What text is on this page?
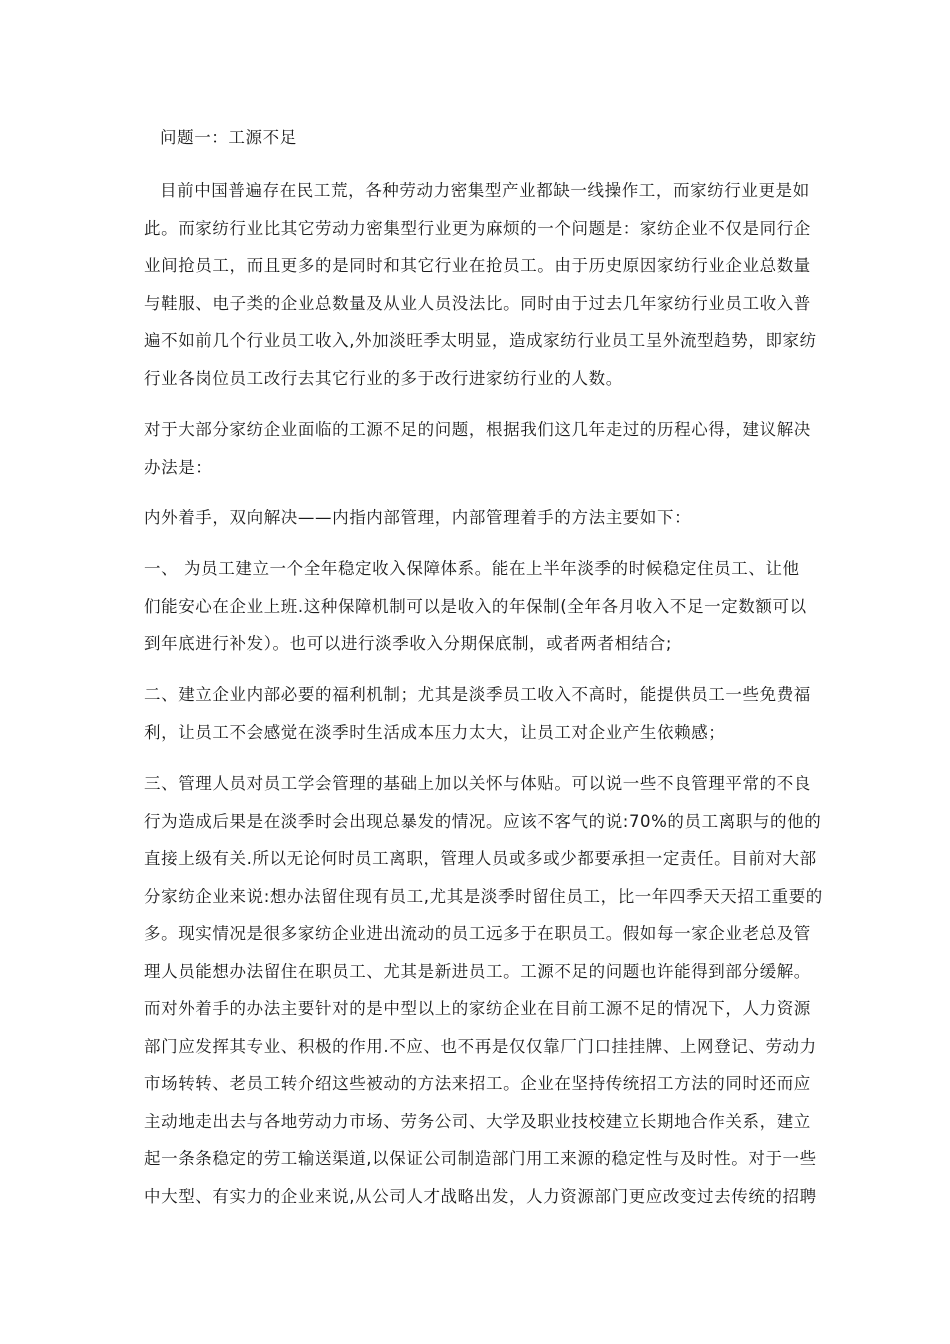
问题一：工源不足

目前中国普遍存在民工荒，各种劳动力密集型产业都缺一线操作工，而家纺行业更是如
此。而家纺行业比其它劳动力密集型行业更为麻烦的一个问题是：家纺企业不仅是同行企
业间抢员工，而且更多的是同时和其它行业在抢员工。由于历史原因家纺行业企业总数量
与鞋服、电子类的企业总数量及从业人员没法比。同时由于过去几年家纺行业员工收入普
遍不如前几个行业员工收入,外加淡旺季太明显，造成家纺行业员工呈外流型趋势，即家纺
行业各岗位员工改行去其它行业的多于改行进家纺行业的人数。

对于大部分家纺企业面临的工源不足的问题，根据我们这几年走过的历程心得，建议解决
办法是：

内外着手，双向解决——内指内部管理，内部管理着手的方法主要如下：

一、 为员工建立一个全年稳定收入保障体系。能在上半年淡季的时候稳定住员工、让他
们能安心在企业上班.这种保障机制可以是收入的年保制(全年各月收入不足一定数额可以
到年底进行补发）。也可以进行淡季收入分期保底制，或者两者相结合;

二、建立企业内部必要的福利机制；尤其是淡季员工收入不高时，能提供员工一些免费福
利，让员工不会感觉在淡季时生活成本压力太大，让员工对企业产生依赖感；

三、管理人员对员工学会管理的基础上加以关怀与体贴。可以说一些不良管理平常的不良
行为造成后果是在淡季时会出现总暴发的情况。应该不客气的说:70%的员工离职与的他的
直接上级有关.所以无论何时员工离职，管理人员或多或少都要承担一定责任。目前对大部
分家纺企业来说:想办法留住现有员工,尤其是淡季时留住员工，比一年四季天天招工重要的
多。现实情况是很多家纺企业进出流动的员工远多于在职员工。假如每一家企业老总及管
理人员能想办法留住在职员工、尤其是新进员工。工源不足的问题也许能得到部分缓解。
而对外着手的办法主要针对的是中型以上的家纺企业在目前工源不足的情况下，人力资源
部门应发挥其专业、积极的作用.不应、也不再是仅仅靠厂门口挂挂牌、上网登记、劳动力
市场转转、老员工转介绍这些被动的方法来招工。企业在坚持传统招工方法的同时还而应
主动地走出去与各地劳动力市场、劳务公司、大学及职业技校建立长期地合作关系，建立
起一条条稳定的劳工输送渠道,以保证公司制造部门用工来源的稳定性与及时性。对于一些
中大型、有实力的企业来说,从公司人才战略出发，人力资源部门更应改变过去传统的招聘
